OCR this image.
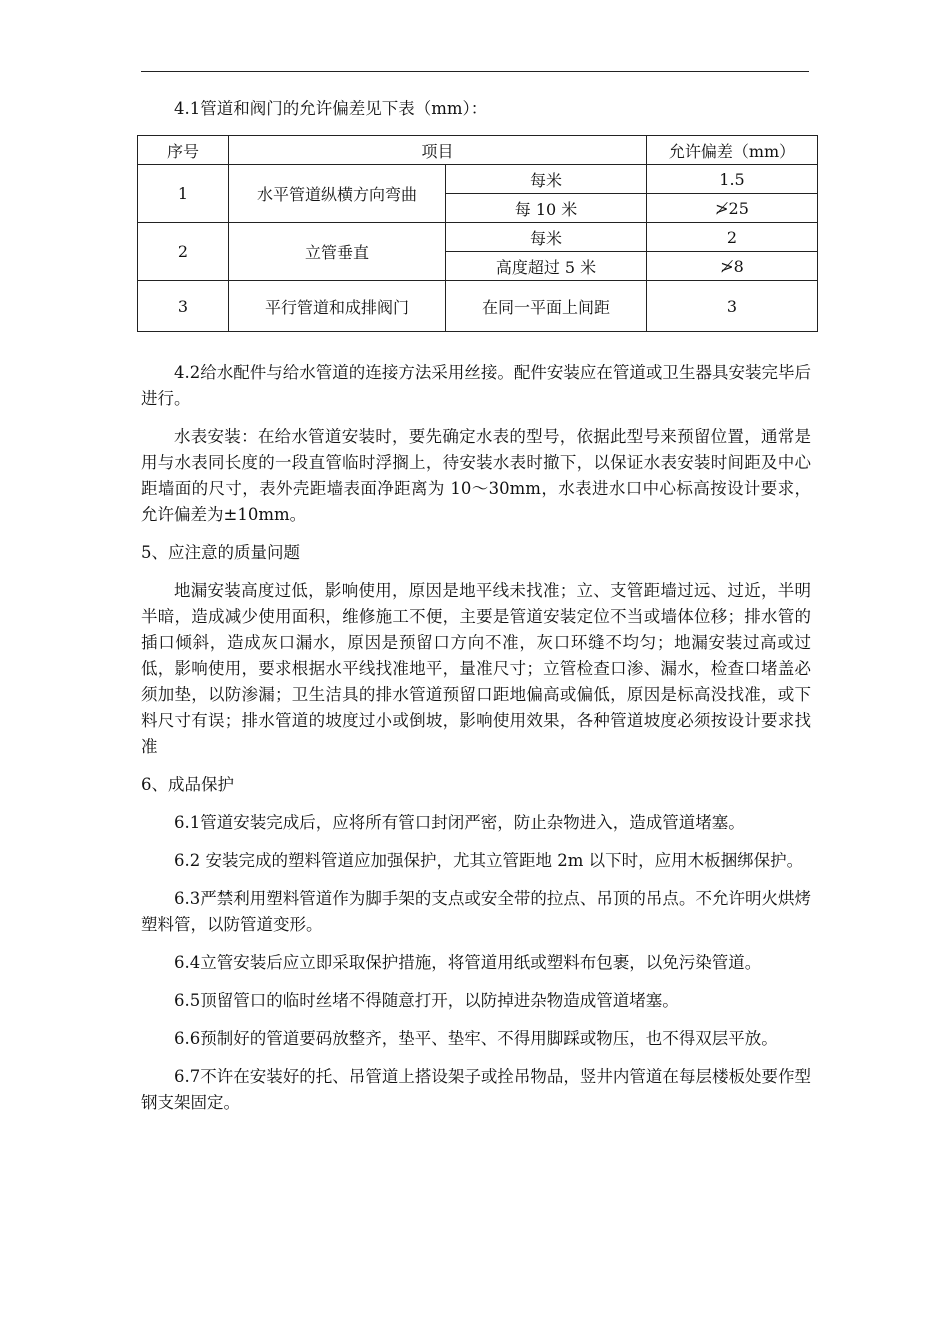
4.1管道和阀门的允许偏差见下表（mm）：

序号	项目		允许偏差（mm）
1	水平管道纵横方向弯曲	每米	1.5
		每 10 米	≯25
2	立管垂直	每米	2
		高度超过 5 米	≯8
3	平行管道和成排阀门	在同一平面上间距	3

4.2给水配件与给水管道的连接方法采用丝接。配件安装应在管道或卫生器具安装完毕后进行。

水表安装：在给水管道安装时，要先确定水表的型号，依据此型号来预留位置，通常是用与水表同长度的一段直管临时浮搁上，待安装水表时撤下，以保证水表安装时间距及中心距墙面的尺寸，表外壳距墙表面净距离为 10～30mm，水表进水口中心标高按设计要求，允许偏差为±10mm。

5、应注意的质量问题

地漏安装高度过低，影响使用，原因是地平线未找准；立、支管距墙过远、过近，半明半暗，造成减少使用面积，维修施工不便，主要是管道安装定位不当或墙体位移；排水管的插口倾斜，造成灰口漏水，原因是预留口方向不准，灰口环缝不均匀；地漏安装过高或过低，影响使用，要求根据水平线找准地平，量准尺寸；立管检查口渗、漏水，检查口堵盖必须加垫，以防渗漏；卫生洁具的排水管道预留口距地偏高或偏低，原因是标高没找准，或下料尺寸有误；排水管道的坡度过小或倒坡，影响使用效果，各种管道坡度必须按设计要求找准

6、成品保护

6.1管道安装完成后，应将所有管口封闭严密，防止杂物进入，造成管道堵塞。

6.2 安装完成的塑料管道应加强保护，尤其立管距地 2m 以下时，应用木板捆绑保护。

6.3严禁利用塑料管道作为脚手架的支点或安全带的拉点、吊顶的吊点。不允许明火烘烤塑料管，以防管道变形。

6.4立管安装后应立即采取保护措施，将管道用纸或塑料布包裹，以免污染管道。

6.5顶留管口的临时丝堵不得随意打开，以防掉进杂物造成管道堵塞。

6.6预制好的管道要码放整齐，垫平、垫牢、不得用脚踩或物压，也不得双层平放。

6.7不许在安装好的托、吊管道上搭设架子或拴吊物品，竖井内管道在每层楼板处要作型钢支架固定。
